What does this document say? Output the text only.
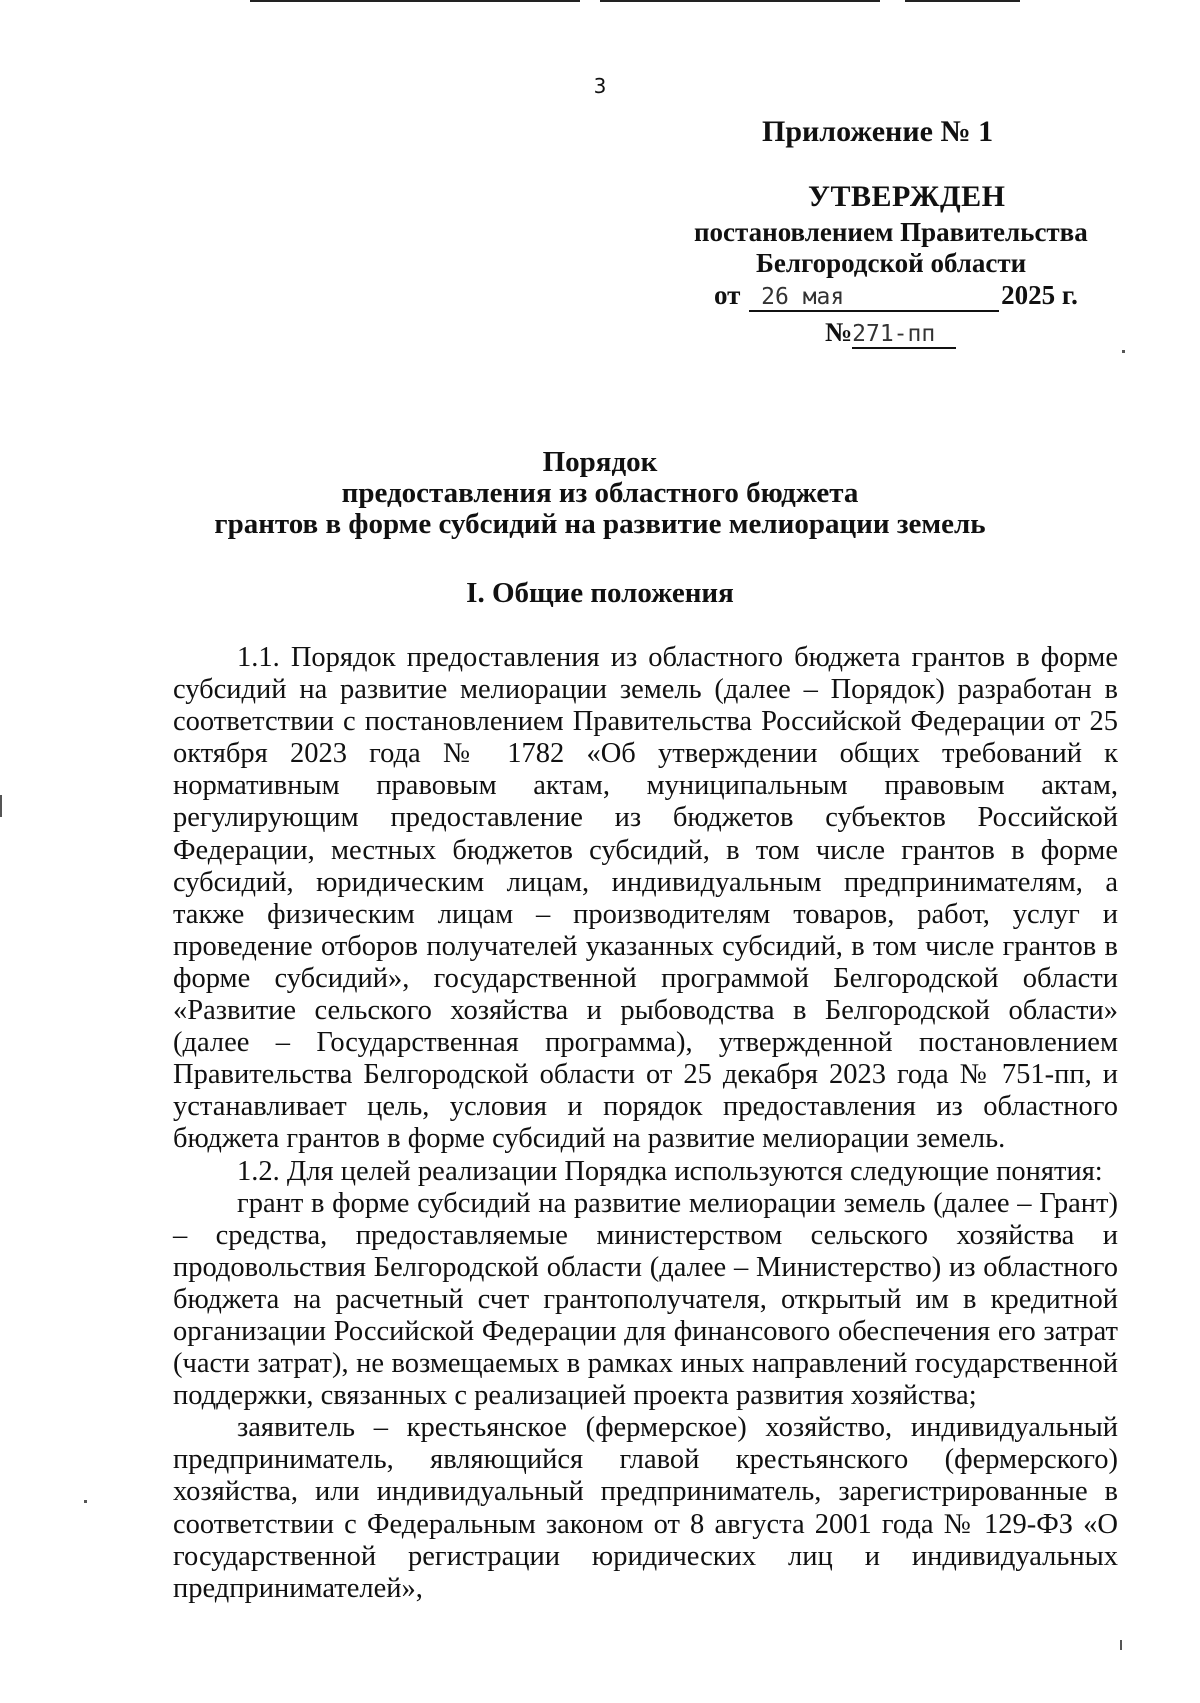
3
Приложение № 1
УТВЕРЖДЕН
постановлением Правительства
Белгородской области
от 26 мая	2025 г.
№271-пп
Порядок
предоставления из областного бюджета
грантов в форме субсидий на развитие мелиорации земель
I. Общие положения

1.1. Порядок предоставления из областного бюджета грантов в форме субсидий на развитие мелиорации земель (далее – Порядок) разработан в соответствии с постановлением Правительства Российской Федерации от 25 октября 2023 года № 1782 «Об утверждении общих требований к нормативным правовым актам, муниципальным правовым актам, регулирующим предоставление из бюджетов субъектов Российской Федерации, местных бюджетов субсидий, в том числе грантов в форме субсидий, юридическим лицам, индивидуальным предпринимателям, а также физическим лицам – производителям товаров, работ, услуг и проведение отборов получателей указанных субсидий, в том числе грантов в форме субсидий», государственной программой Белгородской области «Развитие сельского хозяйства и рыбоводства в Белгородской области» (далее – Государственная программа), утвержденной постановлением Правительства Белгородской области от 25 декабря 2023 года № 751-пп, и устанавливает цель, условия и порядок предоставления из областного бюджета грантов в форме субсидий на развитие мелиорации земель.

1.2. Для целей реализации Порядка используются следующие понятия:

грант в форме субсидий на развитие мелиорации земель (далее – Грант) – средства, предоставляемые министерством сельского хозяйства и продовольствия Белгородской области (далее – Министерство) из областного бюджета на расчетный счет грантополучателя, открытый им в кредитной организации Российской Федерации для финансового обеспечения его затрат (части затрат), не возмещаемых в рамках иных направлений государственной поддержки, связанных с реализацией проекта развития хозяйства;

заявитель – крестьянское (фермерское) хозяйство, индивидуальный предприниматель, являющийся главой крестьянского (фермерского) хозяйства, или индивидуальный предприниматель, зарегистрированные в соответствии с Федеральным законом от 8 августа 2001 года № 129-ФЗ «О государственной регистрации юридических лиц и индивидуальных предпринимателей»,
